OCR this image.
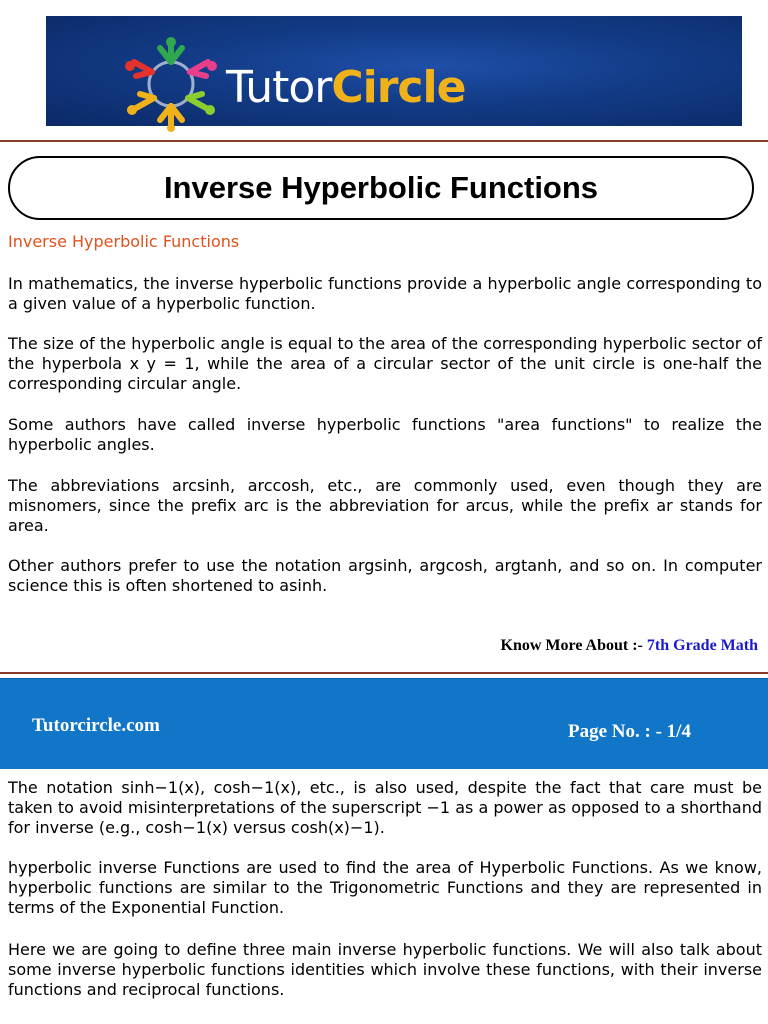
TutorCircle
Inverse Hyperbolic Functions

Inverse Hyperbolic Functions

In mathematics, the inverse hyperbolic functions provide a hyperbolic angle corresponding to a given value of a hyperbolic function.

The size of the hyperbolic angle is equal to the area of the corresponding hyperbolic sector of the hyperbola x y = 1, while the area of a circular sector of the unit circle is one-half the corresponding circular angle.

Some authors have called inverse hyperbolic functions "area functions" to realize the hyperbolic angles.

The abbreviations arcsinh, arccosh, etc., are commonly used, even though they are misnomers, since the prefix arc is the abbreviation for arcus, while the prefix ar stands for area.

Other authors prefer to use the notation argsinh, argcosh, argtanh, and so on. In computer science this is often shortened to asinh.

Know More About :- 7th Grade Math
Tutorcircle.com	Page No. : - 1/4

The notation sinh−1(x), cosh−1(x), etc., is also used, despite the fact that care must be taken to avoid misinterpretations of the superscript −1 as a power as opposed to a shorthand for inverse (e.g., cosh−1(x) versus cosh(x)−1).

hyperbolic inverse Functions are used to find the area of Hyperbolic Functions. As we know, hyperbolic functions are similar to the Trigonometric Functions and they are represented in terms of the Exponential Function.

Here we are going to define three main inverse hyperbolic functions. We will also talk about some inverse hyperbolic functions identities which involve these functions, with their inverse functions and reciprocal functions.
